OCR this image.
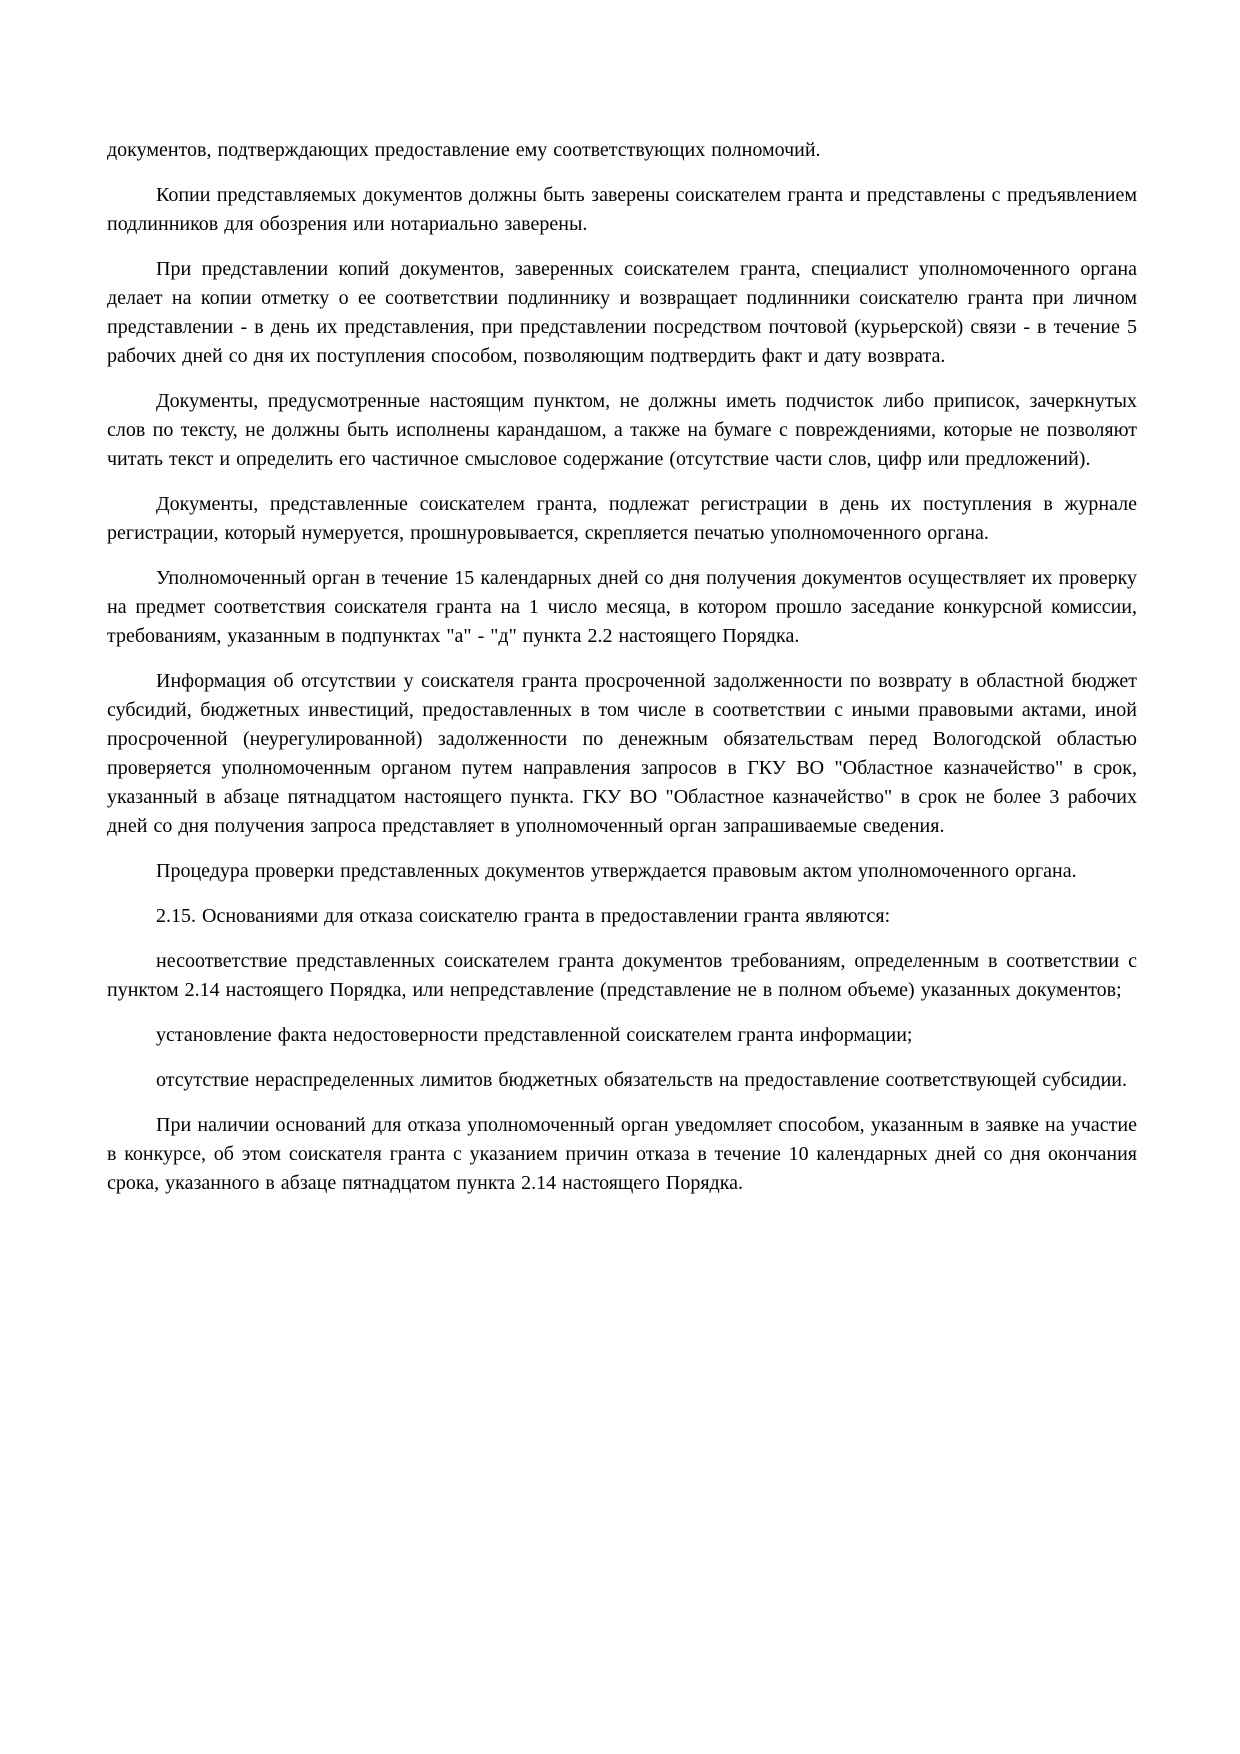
документов, подтверждающих предоставление ему соответствующих полномочий.

Копии представляемых документов должны быть заверены соискателем гранта и представлены с предъявлением подлинников для обозрения или нотариально заверены.

При представлении копий документов, заверенных соискателем гранта, специалист уполномоченного органа делает на копии отметку о ее соответствии подлиннику и возвращает подлинники соискателю гранта при личном представлении - в день их представления, при представлении посредством почтовой (курьерской) связи - в течение 5 рабочих дней со дня их поступления способом, позволяющим подтвердить факт и дату возврата.

Документы, предусмотренные настоящим пунктом, не должны иметь подчисток либо приписок, зачеркнутых слов по тексту, не должны быть исполнены карандашом, а также на бумаге с повреждениями, которые не позволяют читать текст и определить его частичное смысловое содержание (отсутствие части слов, цифр или предложений).

Документы, представленные соискателем гранта, подлежат регистрации в день их поступления в журнале регистрации, который нумеруется, прошнуровывается, скрепляется печатью уполномоченного органа.

Уполномоченный орган в течение 15 календарных дней со дня получения документов осуществляет их проверку на предмет соответствия соискателя гранта на 1 число месяца, в котором прошло заседание конкурсной комиссии, требованиям, указанным в подпунктах "а" - "д" пункта 2.2 настоящего Порядка.

Информация об отсутствии у соискателя гранта просроченной задолженности по возврату в областной бюджет субсидий, бюджетных инвестиций, предоставленных в том числе в соответствии с иными правовыми актами, иной просроченной (неурегулированной) задолженности по денежным обязательствам перед Вологодской областью проверяется уполномоченным органом путем направления запросов в ГКУ ВО "Областное казначейство" в срок, указанный в абзаце пятнадцатом настоящего пункта. ГКУ ВО "Областное казначейство" в срок не более 3 рабочих дней со дня получения запроса представляет в уполномоченный орган запрашиваемые сведения.

Процедура проверки представленных документов утверждается правовым актом уполномоченного органа.

2.15. Основаниями для отказа соискателю гранта в предоставлении гранта являются:

несоответствие представленных соискателем гранта документов требованиям, определенным в соответствии с пунктом 2.14 настоящего Порядка, или непредставление (представление не в полном объеме) указанных документов;

установление факта недостоверности представленной соискателем гранта информации;

отсутствие нераспределенных лимитов бюджетных обязательств на предоставление соответствующей субсидии.

При наличии оснований для отказа уполномоченный орган уведомляет способом, указанным в заявке на участие в конкурсе, об этом соискателя гранта с указанием причин отказа в течение 10 календарных дней со дня окончания срока, указанного в абзаце пятнадцатом пункта 2.14 настоящего Порядка.
